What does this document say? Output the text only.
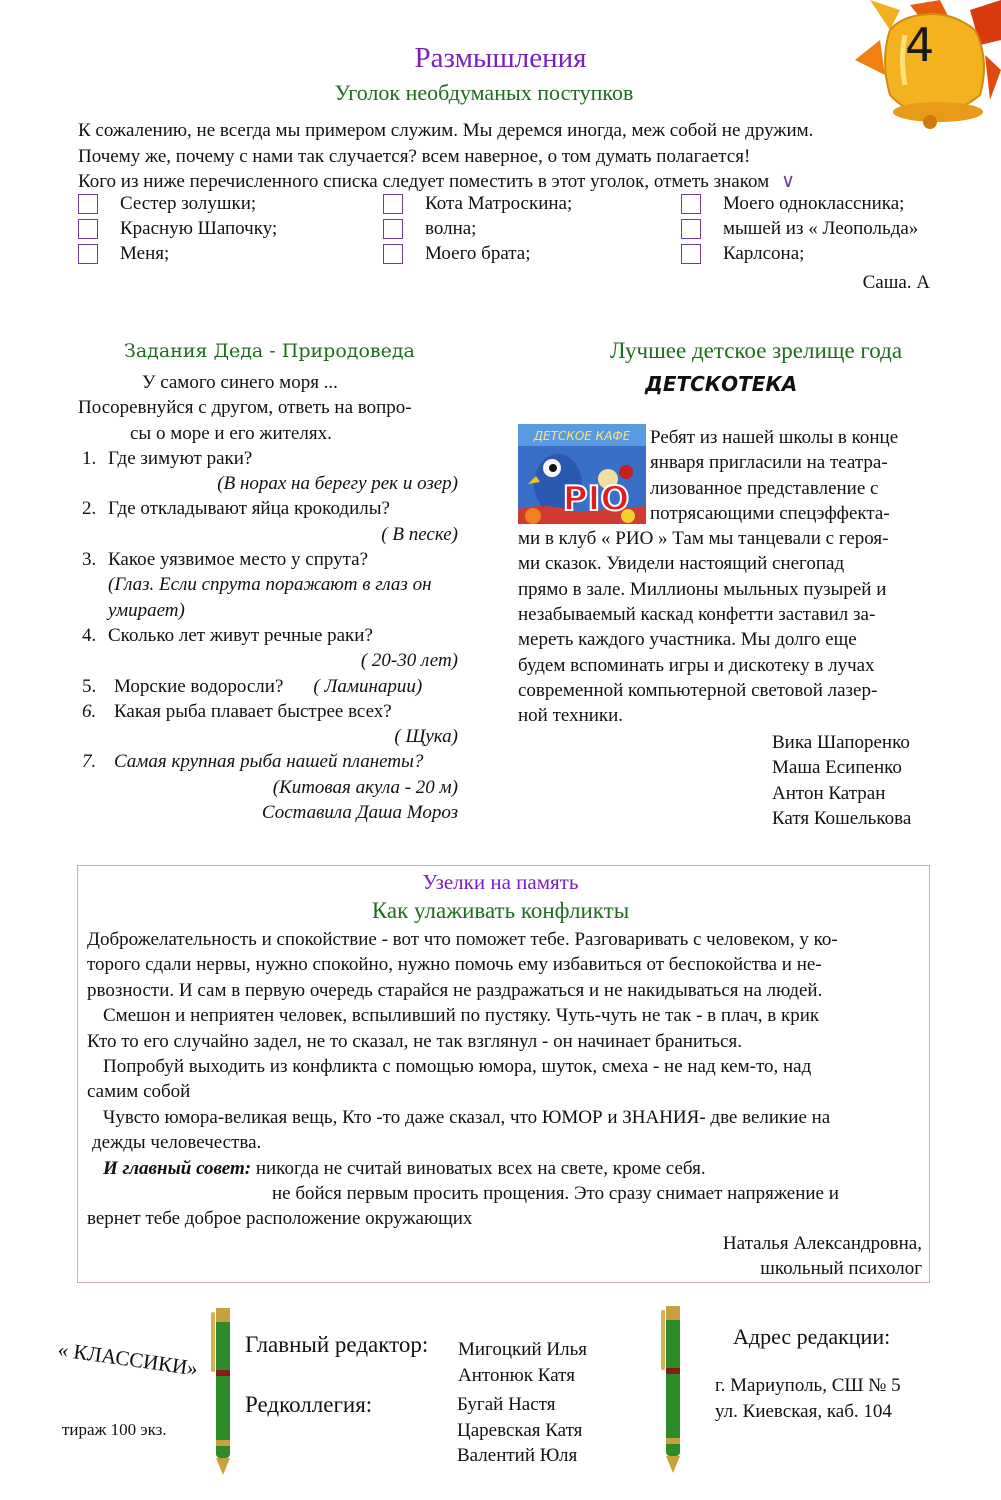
4
Размышления
Уголок необдуманых поступков
К сожалению, не всегда мы примером служим. Мы деремся иногда, меж собой не дружим.
Почему же, почему с нами так случается? всем наверное, о том думать полагается!
Кого из ниже перечисленного списка следует поместить в этот уголок, отметь знаком ∨
Сестер золушки;	Кота Матроскина;	Моего одноклассника;
Красную Шапочку;	волна;	мышей из « Леопольда»
Меня;	Моего брата;	Карлсона;
Саша. А
Задания Деда - Природоведа
У самого синего моря ...
Посоревнуйся с другом, ответь на вопро-
сы о море и его жителях.
1. Где зимуют раки?
(В норах на берегу рек и озер)
2. Где откладывают яйца крокодилы?
( В песке)
3. Какое уязвимое место у спрута?
(Глаз. Если спрута поражают в глаз он
умирает)
4. Сколько лет живут речные раки?
( 20-30 лет)
5. Морские водоросли? ( Ламинарии)
6. Какая рыба плавает быстрее всех?
( Щука)
7. Самая крупная рыба нашей планеты?
(Китовая акула - 20 м)
Составила Даша Мороз
Лучшее детское зрелище года
ДЕТСКОТЕКА
Ребят из нашей школы в конце
января пригласили на театра-
лизованное представление с
потрясающими спецэффекта-
ми в клуб « РИО » Там мы танцевали с героя-
ми сказок. Увидели настоящий снегопад
прямо в зале. Миллионы мыльных пузырей и
незабываемый каскад конфетти заставил за-
мереть каждого участника. Мы долго еще
будем вспоминать игры и дискотеку в лучах
современной компьютерной световой лазер-
ной техники.
ДЕТСКОЕ КАФЕ
PIO
Вика Шапоренко
Маша Есипенко
Антон Катран
Катя Кошелькова
Узелки на память
Как улаживать конфликты
Доброжелательность и спокойствие - вот что поможет тебе. Разговаривать с человеком, у ко-
торого сдали нервы, нужно спокойно, нужно помочь ему избавиться от беспокойства и не-
рвозности. И сам в первую очередь старайся не раздражаться и не накидываться на людей.
Смешон и неприятен человек, вспыливший по пустяку. Чуть-чуть не так - в плач, в крик
Кто то его случайно задел, не то сказал, не так взглянул - он начинает браниться.
Попробуй выходить из конфликта с помощью юмора, шуток, смеха - не над кем-то, над
самим собой
Чувсто юмора-великая вещь, Кто -то даже сказал, что ЮМОР и ЗНАНИЯ- две великие на
дежды человечества.
И главный совет: никогда не считай виноватых всех на свете, кроме себя.
не бойся первым просить прощения. Это сразу снимает напряжение и
вернет тебе доброе расположение окружающих
Наталья Александровна,
школьный психолог
« КЛАССИКИ»
тираж 100 экз.
Главный редактор: Мигоцкий Илья
Антонюк Катя
Редколлегия:	Бугай Настя
Царевская Катя
Валентий Юля
Адрес редакции:
г. Мариуполь, СШ № 5
ул. Киевская, каб. 104
